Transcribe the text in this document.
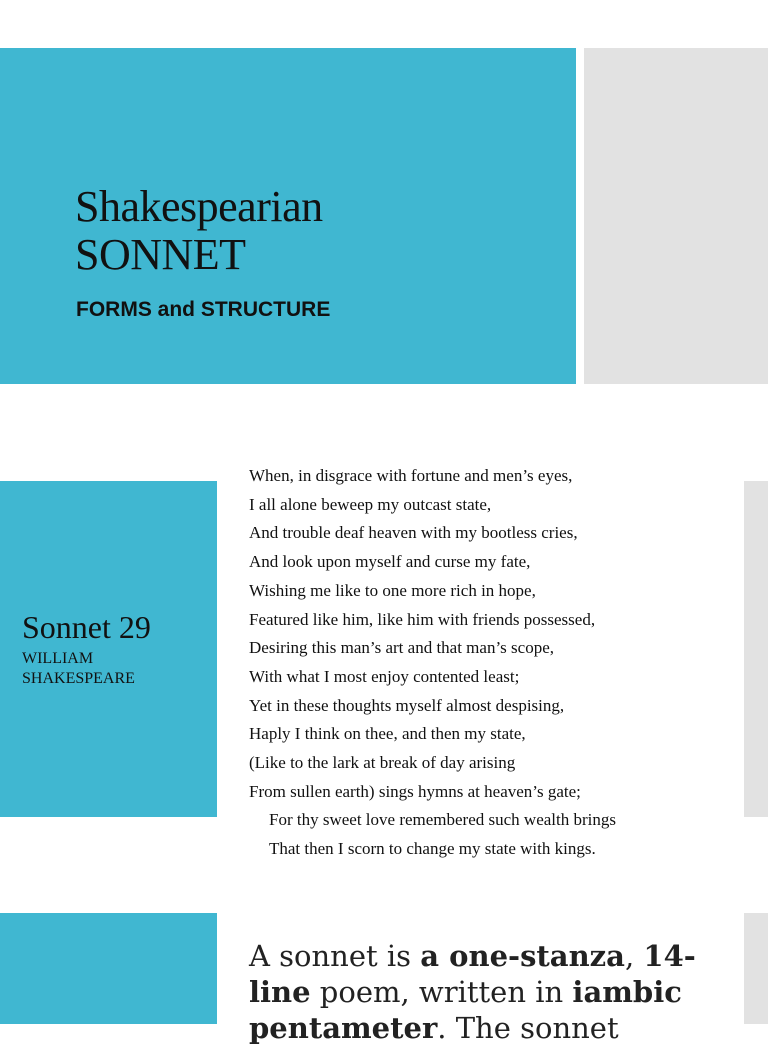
Shakespearian
SONNET
FORMS and STRUCTURE
Sonnet 29
WILLIAM
SHAKESPEARE
When, in disgrace with fortune and men’s eyes,
I all alone beweep my outcast state,
And trouble deaf heaven with my bootless cries,
And look upon myself and curse my fate,
Wishing me like to one more rich in hope,
Featured like him, like him with friends possessed,
Desiring this man’s art and that man’s scope,
With what I most enjoy contented least;
Yet in these thoughts myself almost despising,
Haply I think on thee, and then my state,
(Like to the lark at break of day arising
From sullen earth) sings hymns at heaven’s gate;
For thy sweet love remembered such wealth brings
That then I scorn to change my state with kings.
A sonnet is a one-stanza, 14-line poem, written in iambic pentameter. The sonnet
